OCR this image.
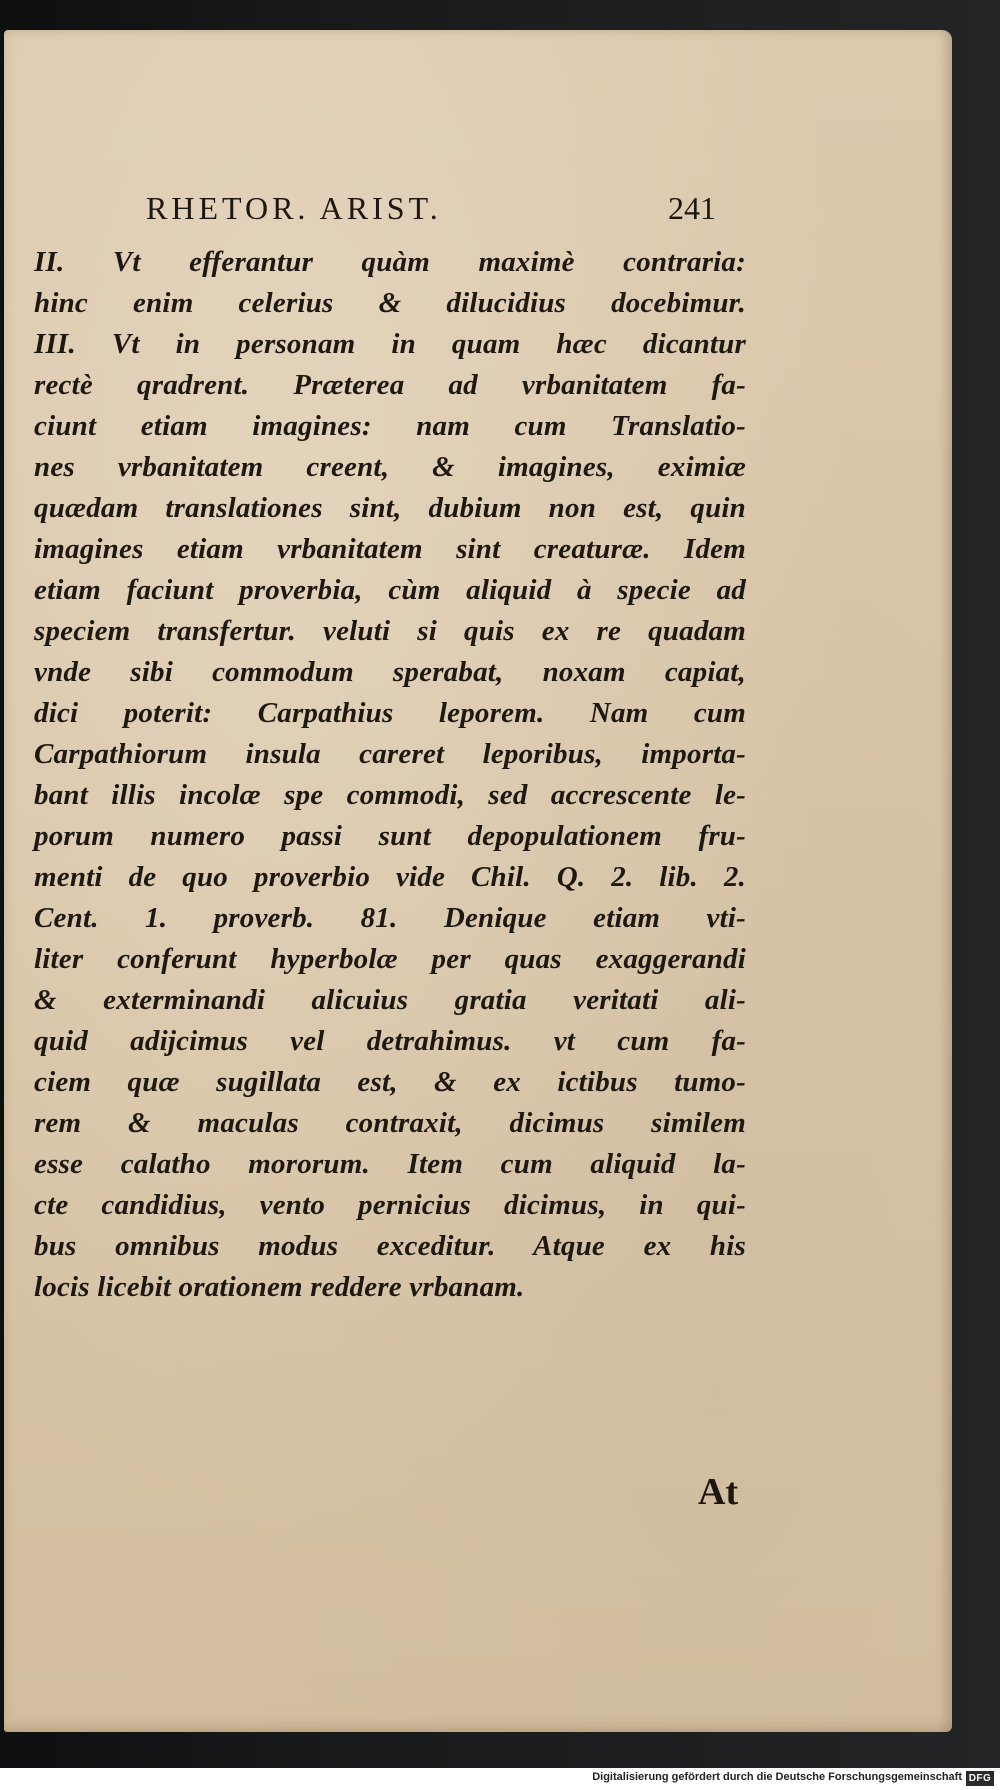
RHETOR. ARIST.	241
II. Vt efferantur quàm maximè contraria:
hinc enim celerius & dilucidius docebimur.
III. Vt in personam in quam hæc dicantur
rectè qradrent. Præterea ad vrbanitatem fa-
ciunt etiam imagines: nam cum Translatio-
nes vrbanitatem creent, & imagines, eximiæ
quædam translationes sint, dubium non est, quin
imagines etiam vrbanitatem sint creaturæ. Idem
etiam faciunt proverbia, cùm aliquid à specie ad
speciem transfertur. veluti si quis ex re quadam
vnde sibi commodum sperabat, noxam capiat,
dici poterit: Carpathius leporem. Nam cum
Carpathiorum insula careret leporibus, importa-
bant illis incolæ spe commodi, sed accrescente le-
porum numero passi sunt depopulationem fru-
menti de quo proverbio vide Chil. Q. 2. lib. 2.
Cent. 1. proverb. 81. Denique etiam vti-
liter conferunt hyperbolæ per quas exaggerandi
& exterminandi alicuius gratia veritati ali-
quid adijcimus vel detrahimus. vt cum fa-
ciem quæ sugillata est, & ex ictibus tumo-
rem & maculas contraxit, dicimus similem
esse calatho mororum. Item cum aliquid la-
cte candidius, vento pernicius dicimus, in qui-
bus omnibus modus exceditur. Atque ex his
locis licebit orationem reddere vrbanam.
At
Digitalisierung gefördert durch die Deutsche Forschungsgemeinschaft DFG
